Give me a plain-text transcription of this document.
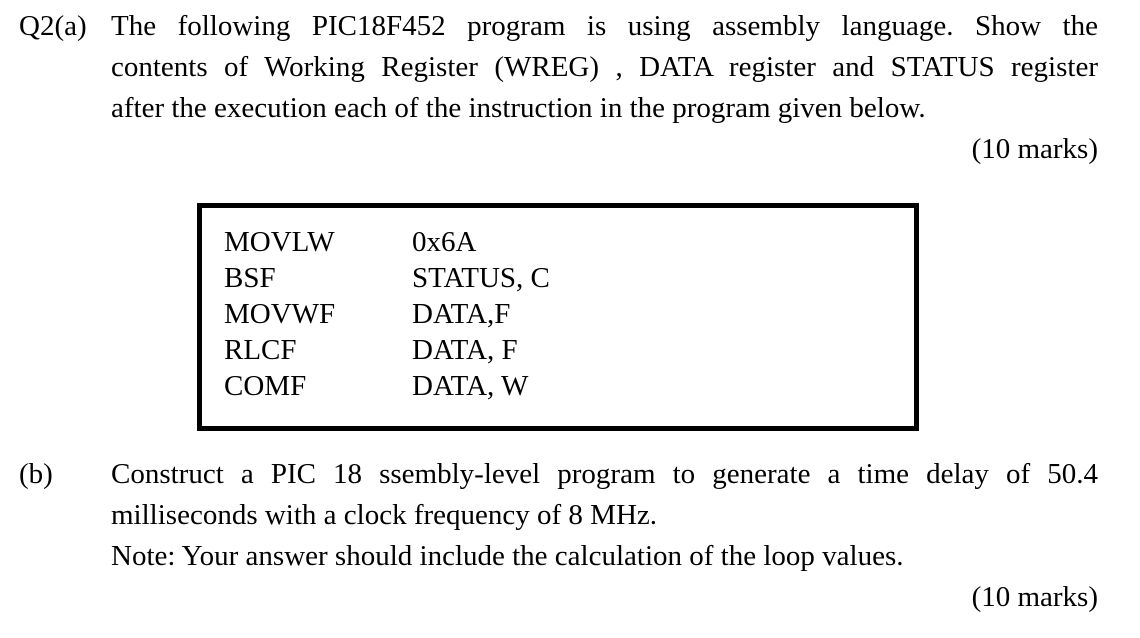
Q2(a) The following PIC18F452 program is using assembly language. Show the
contents of Working Register (WREG) , DATA register and STATUS register
after the execution each of the instruction in the program given below.
(10 marks)
MOVLW	0x6A
BSF	STATUS, C
MOVWF	DATA,F
RLCF	DATA, F
COMF	DATA, W
(b) Construct a PIC 18 ssembly-level program to generate a time delay of 50.4
milliseconds with a clock frequency of 8 MHz.
Note: Your answer should include the calculation of the loop values.
(10 marks)
